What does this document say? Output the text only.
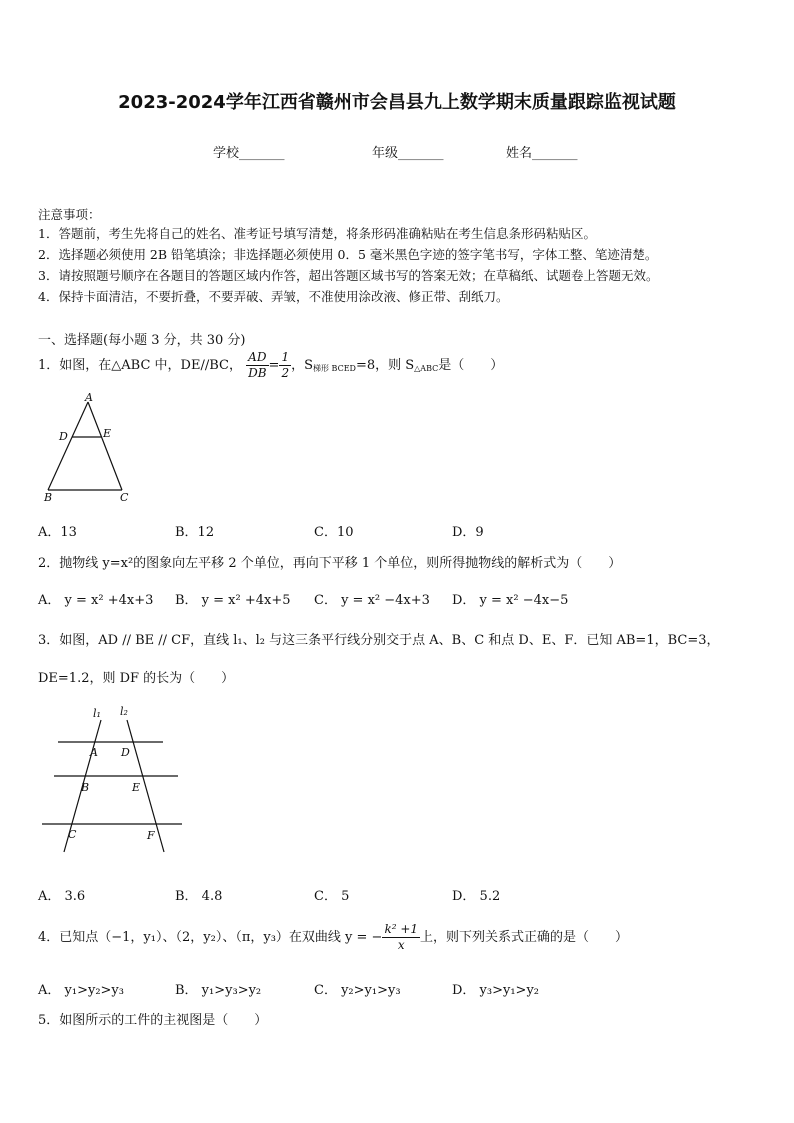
2023-2024学年江西省赣州市会昌县九上数学期末质量跟踪监视试题
学校_______	年级_______	姓名_______
注意事项：
1．答题前，考生先将自己的姓名、准考证号填写清楚，将条形码准确粘贴在考生信息条形码粘贴区。
2．选择题必须使用 2B 铅笔填涂；非选择题必须使用 0．5 毫米黑色字迹的签字笔书写，字体工整、笔迹清楚。
3．请按照题号顺序在各题目的答题区域内作答，超出答题区域书写的答案无效；在草稿纸、试题卷上答题无效。
4．保持卡面清洁，不要折叠，不要弄破、弄皱，不准使用涂改液、修正带、刮纸刀。
一、选择题(每小题 3 分，共 30 分)
1．如图，在△ABC 中，DE//BC， $\frac{AD}{DB} = \frac{1}{2}$ ，$S_{梯形 BCED}=8$，则 $S_{\triangle ABC}$是（　　）
A
D	E
B	C
A．13	B．12	C．10	D．9
2．抛物线 y=x²的图象向左平移 2 个单位，再向下平移 1 个单位，则所得抛物线的解析式为（　　）
A． y = x² +4x+3 B． y = x² +4x+5 C． y = x² −4x+3 D． y = x² −4x−5
3．如图，AD // BE // CF，直线 l₁、l₂ 与这三条平行线分别交于点 A、B、C 和点 D、E、F．已知 AB=1，BC=3，
DE=1.2，则 DF 的长为（　　）
l₁ l₂
A D
B	E
C	F
A． 3.6	B． 4.8	C． 5	D． 5.2
4．已知点（−1，y₁）、（2，y₂）、（π，y₃）在双曲线 y = − $\frac{\text{k² +1}}{x}$ 上，则下列关系式正确的是（　　）
A． y₁>y₂>y₃	B． y₁>y₃>y₂	C． y₂>y₁>y₃	D． y₃>y₁>y₂
5．如图所示的工件的主视图是（　　）
